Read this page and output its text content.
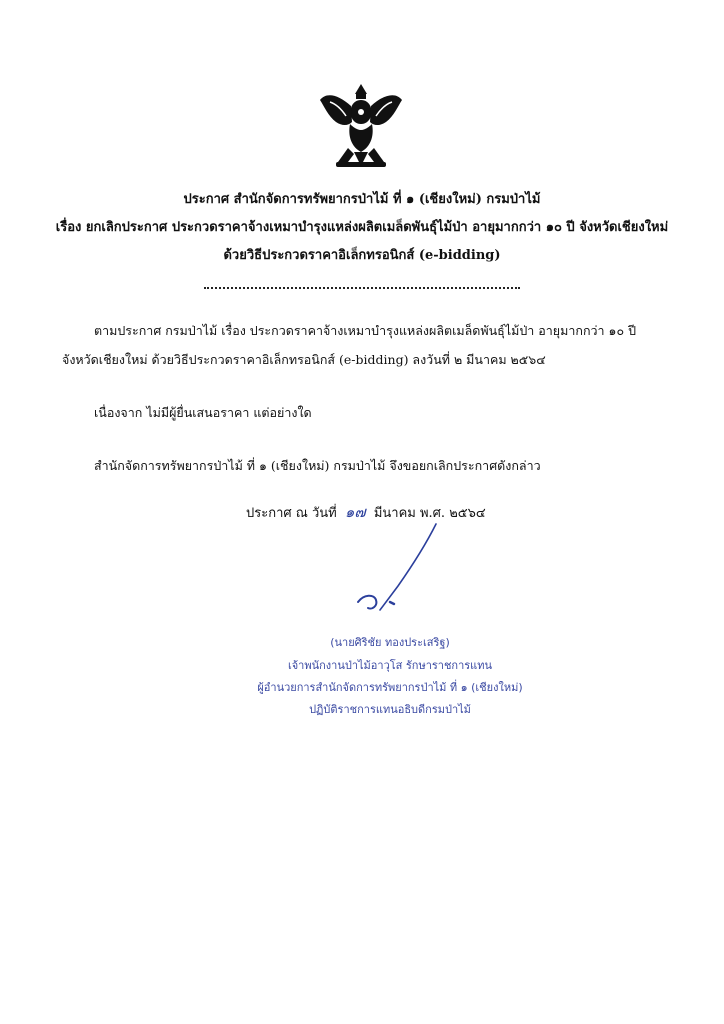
ประกาศ สำนักจัดการทรัพยากรป่าไม้ ที่ ๑ (เชียงใหม่) กรมป่าไม้
เรื่อง ยกเลิกประกาศ ประกวดราคาจ้างเหมาบำรุงแหล่งผลิตเมล็ดพันธุ์ไม้ป่า อายุมากกว่า ๑๐ ปี จังหวัดเชียงใหม่
ด้วยวิธีประกวดราคาอิเล็กทรอนิกส์ (e-bidding)
ตามประกาศ กรมป่าไม้ เรื่อง ประกวดราคาจ้างเหมาบำรุงแหล่งผลิตเมล็ดพันธุ์ไม้ป่า อายุมากกว่า ๑๐ ปี
จังหวัดเชียงใหม่ ด้วยวิธีประกวดราคาอิเล็กทรอนิกส์ (e-bidding) ลงวันที่ ๒ มีนาคม ๒๕๖๔
เนื่องจาก ไม่มีผู้ยื่นเสนอราคา แต่อย่างใด
สำนักจัดการทรัพยากรป่าไม้ ที่ ๑ (เชียงใหม่) กรมป่าไม้ จึงขอยกเลิกประกาศดังกล่าว
ประกาศ ณ วันที่ ๑๗ มีนาคม พ.ศ. ๒๕๖๔
(นายศิริชัย ทองประเสริฐ)
เจ้าพนักงานป่าไม้อาวุโส รักษาราชการแทน
ผู้อำนวยการสำนักจัดการทรัพยากรป่าไม้ ที่ ๑ (เชียงใหม่)
ปฏิบัติราชการแทนอธิบดีกรมป่าไม้
